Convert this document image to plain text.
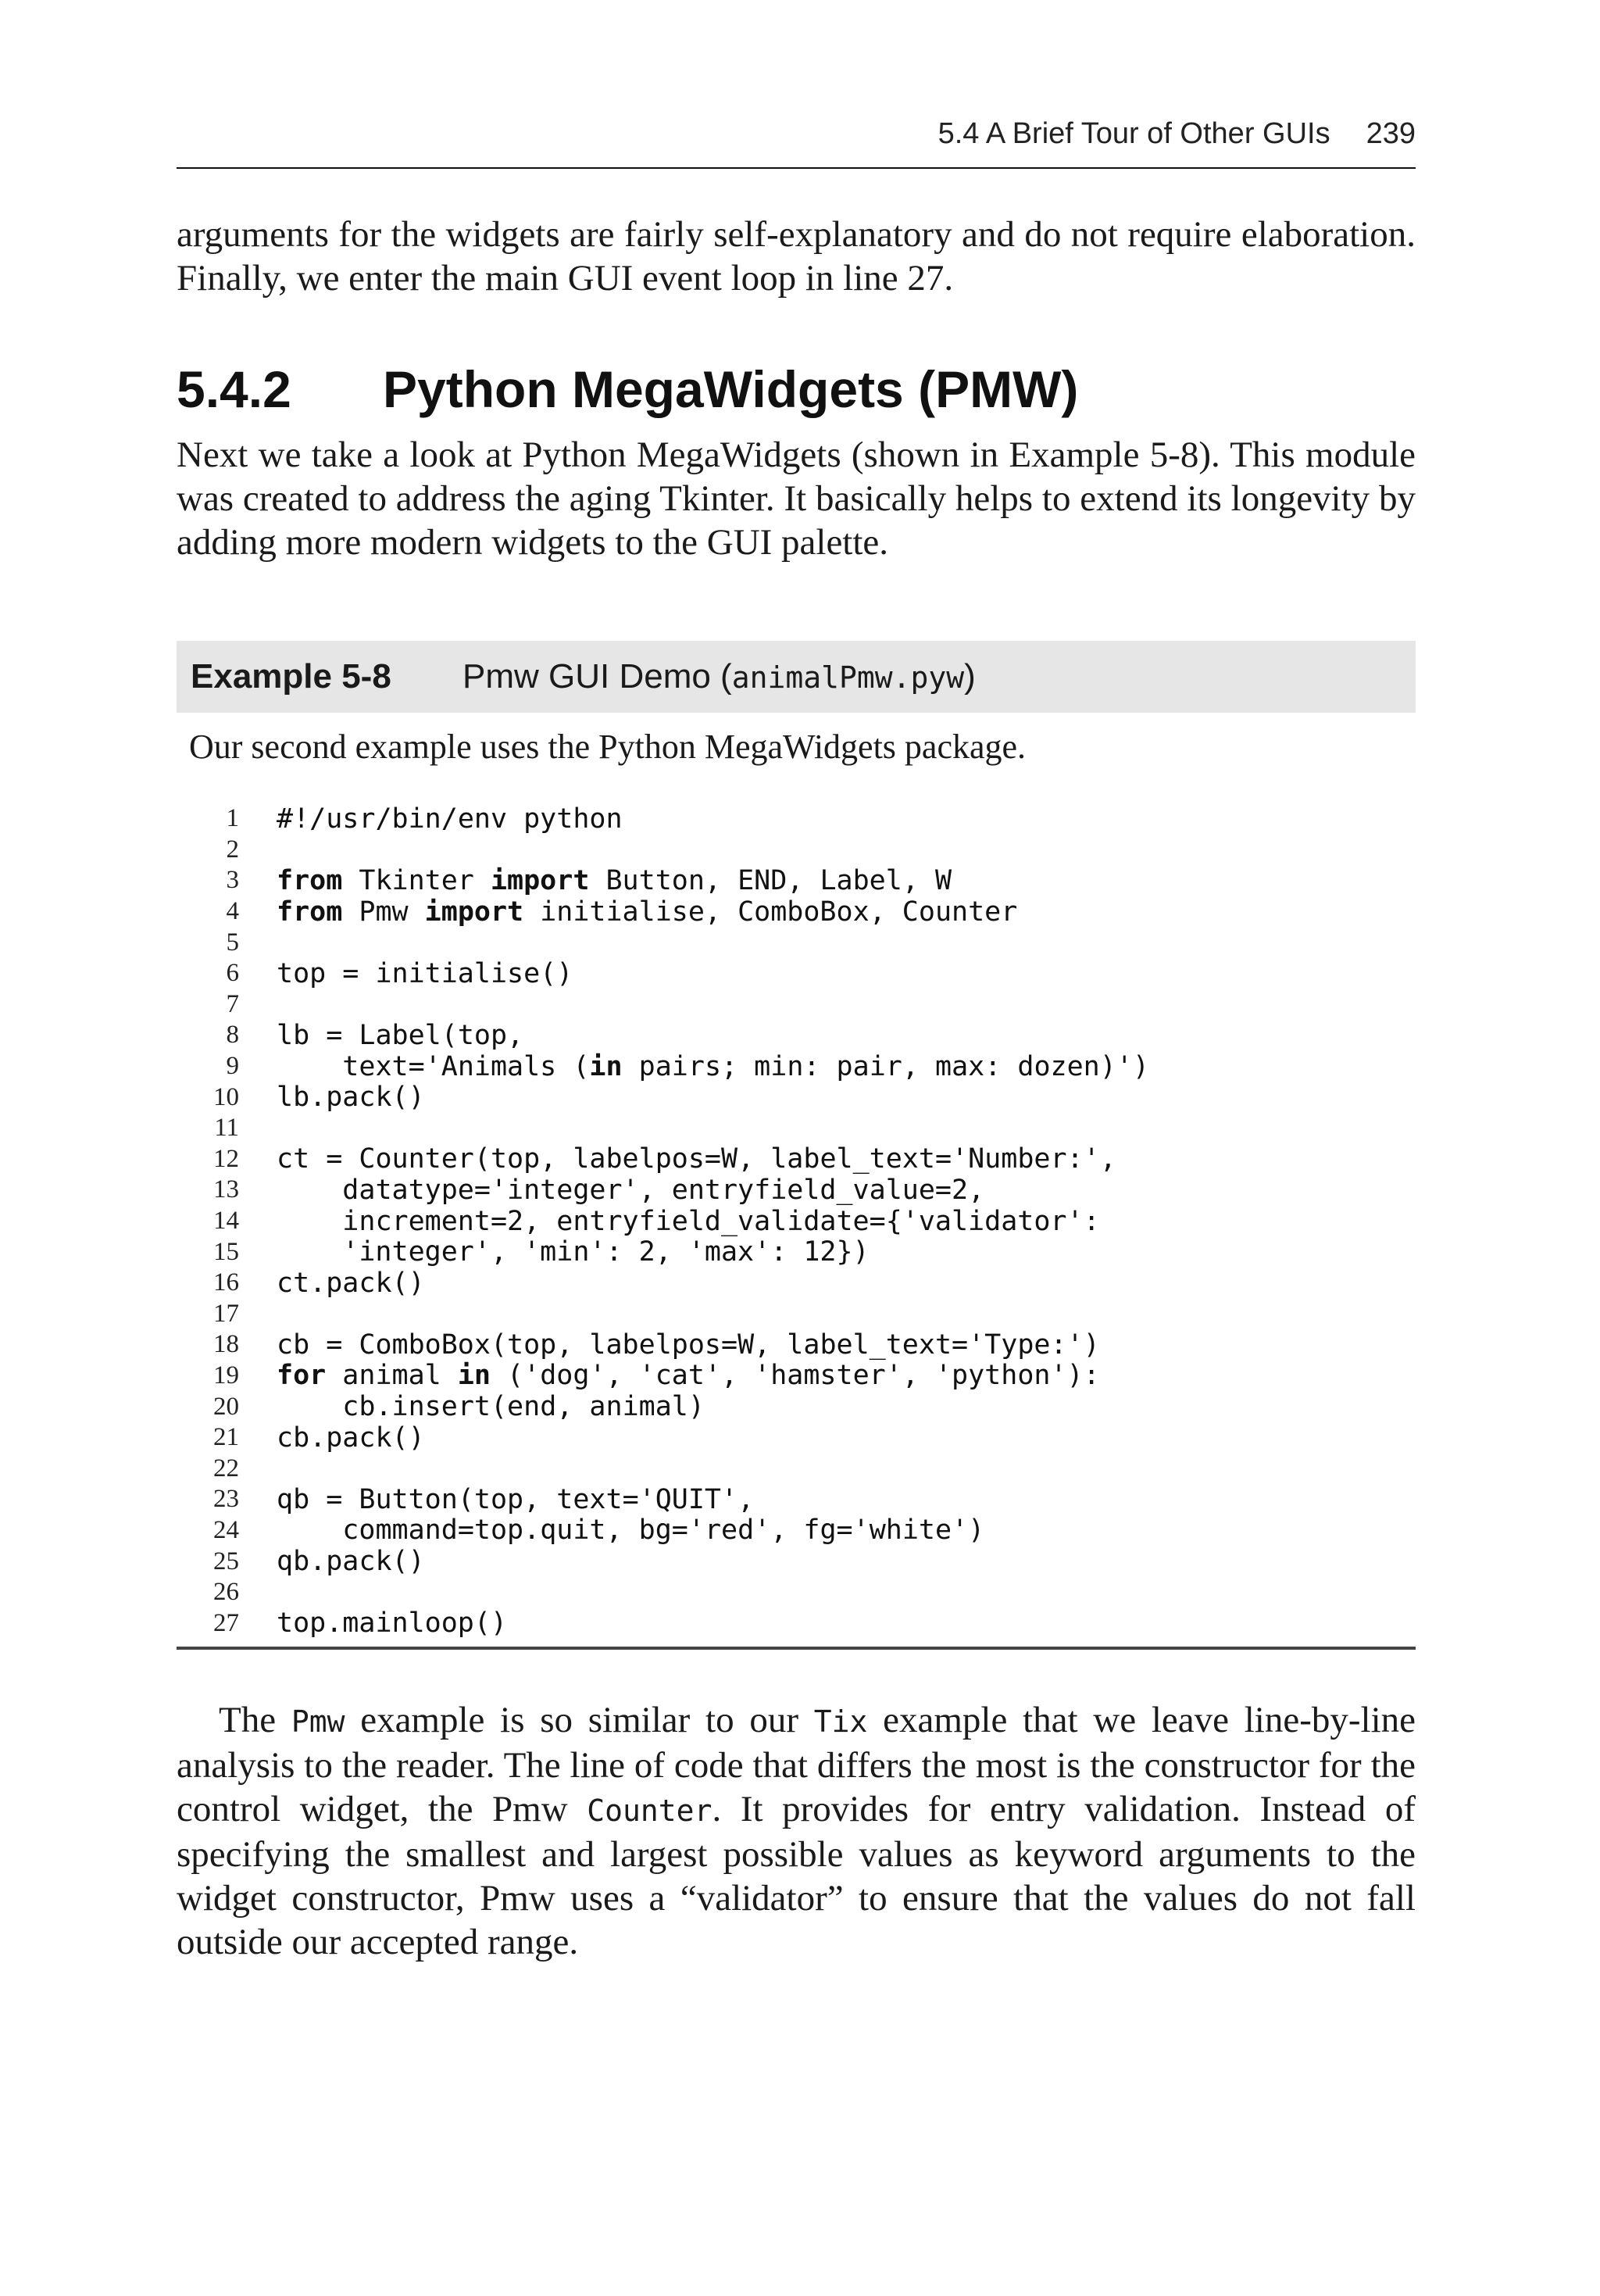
5.4 A Brief Tour of Other GUIs 239

arguments for the widgets are fairly self-explanatory and do not require elaboration. Finally, we enter the main GUI event loop in line 27.

5.4.2	Python MegaWidgets (PMW)

Next we take a look at Python MegaWidgets (shown in Example 5-8). This module was created to address the aging Tkinter. It basically helps to extend its longevity by adding more modern widgets to the GUI palette.

Example 5-8	Pmw GUI Demo (animalPmw.pyw)

Our second example uses the Python MegaWidgets package.

1 #!/usr/bin/env python
2
3 from Tkinter import Button, END, Label, W
4 from Pmw import initialise, ComboBox, Counter
5
6 top = initialise()
7
8 lb = Label(top,
9	text='Animals (in pairs; min: pair, max: dozen)')
10 lb.pack()
11
12 ct = Counter(top, labelpos=W, label_text='Number:',
13	datatype='integer', entryfield_value=2,
14	increment=2, entryfield_validate={'validator':
15 'integer', 'min': 2, 'max': 12})
16 ct.pack()
17
18 cb = ComboBox(top, labelpos=W, label_text='Type:')
19 for animal in ('dog', 'cat', 'hamster', 'python'):
20	cb.insert(end, animal)
21 cb.pack()
22
23 qb = Button(top, text='QUIT',
24	command=top.quit, bg='red', fg='white')
25 qb.pack()
26
27 top.mainloop()

The Pmw example is so similar to our Tix example that we leave line-by-line analysis to the reader. The line of code that differs the most is the constructor for the control widget, the Pmw Counter. It provides for entry validation. Instead of specifying the smallest and largest possible values as keyword arguments to the widget constructor, Pmw uses a “validator” to ensure that the values do not fall outside our accepted range.
